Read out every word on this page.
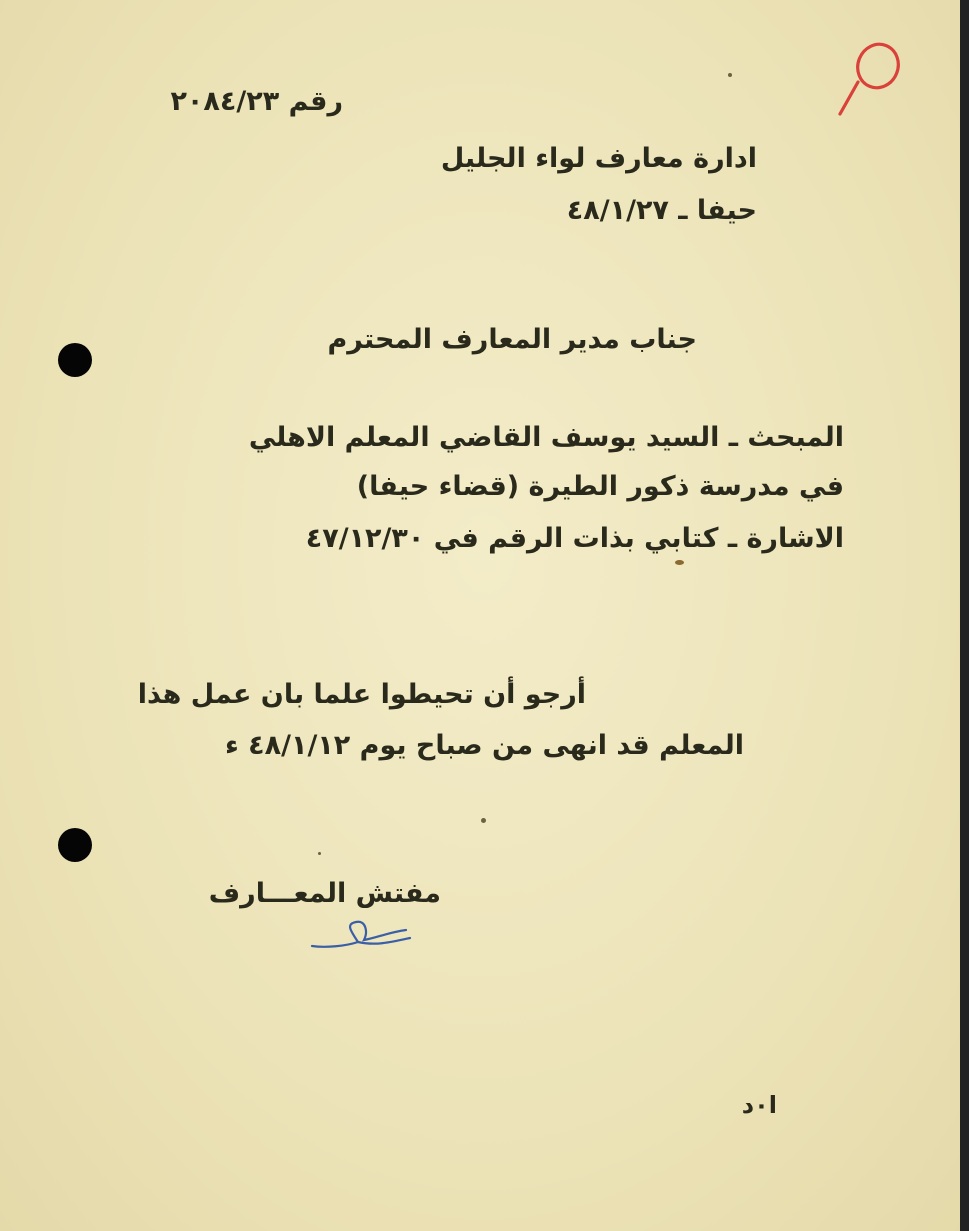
رقم ٢٠٨٤/٢٣
ادارة معارف لواء الجليل
حيفا ـ ٤٨/١/٢٧
جناب مدير المعارف المحترم
المبحث ـ السيد يوسف القاضي المعلم الاهلي
في مدرسة ذكور الطيرة (قضاء حيفا)
الاشارة ـ كتابي بذات الرقم في ٤٧/١٢/٣٠
أرجو أن تحيطوا علما بان عمل هذا
المعلم قد انهى من صباح يوم ٤٨/١/١٢ ء
مفتش المعـــارف
ا٠د
